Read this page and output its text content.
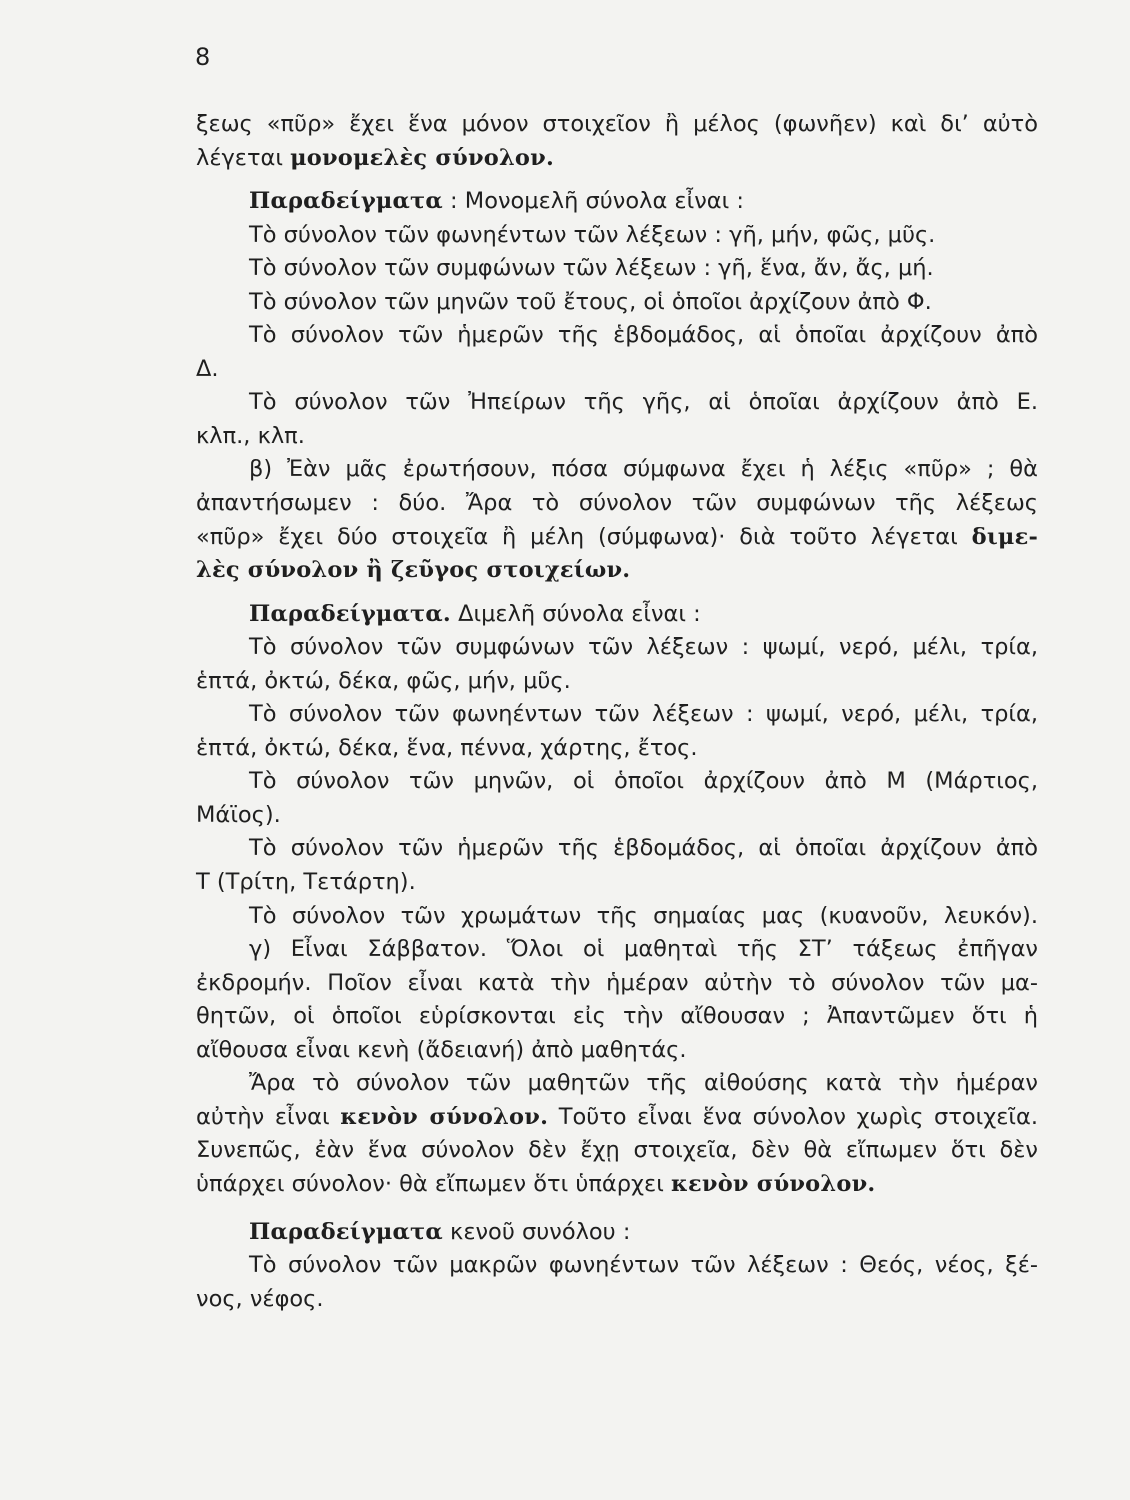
8
ξεως «πῦρ» ἔχει ἕνα μόνον στοιχεῖον ἢ μέλος (φωνῆεν) καὶ δι’ αὐτὸ
λέγεται μονομελὲς σύνολον.
Παραδείγματα : Μονομελῆ σύνολα εἶναι :
Τὸ σύνολον τῶν φωνηέντων τῶν λέξεων : γῆ, μήν, φῶς, μῦς.
Τὸ σύνολον τῶν συμφώνων τῶν λέξεων : γῆ, ἕνα, ἄν, ἄς, μή.
Τὸ σύνολον τῶν μηνῶν τοῦ ἔτους, οἱ ὁποῖοι ἀρχίζουν ἀπὸ Φ.
Τὸ σύνολον τῶν ἡμερῶν τῆς ἑβδομάδος, αἱ ὁποῖαι ἀρχίζουν ἀπὸ
Δ.
Τὸ σύνολον τῶν Ἠπείρων τῆς γῆς, αἱ ὁποῖαι ἀρχίζουν ἀπὸ Ε.
κλπ., κλπ.
β) Ἐὰν μᾶς ἐρωτήσουν, πόσα σύμφωνα ἔχει ἡ λέξις «πῦρ» ; θὰ
ἀπαντήσωμεν : δύο. Ἄρα τὸ σύνολον τῶν συμφώνων τῆς λέξεως
«πῦρ» ἔχει δύο στοιχεῖα ἢ μέλη (σύμφωνα)· διὰ τοῦτο λέγεται διμε-
λὲς σύνολον ἢ ζεῦγος στοιχείων.
Παραδείγματα. Διμελῆ σύνολα εἶναι :
Τὸ σύνολον τῶν συμφώνων τῶν λέξεων : ψωμί, νερό, μέλι, τρία,
ἑπτά, ὀκτώ, δέκα, φῶς, μήν, μῦς.
Τὸ σύνολον τῶν φωνηέντων τῶν λέξεων : ψωμί, νερό, μέλι, τρία,
ἑπτά, ὀκτώ, δέκα, ἕνα, πέννα, χάρτης, ἔτος.
Τὸ σύνολον τῶν μηνῶν, οἱ ὁποῖοι ἀρχίζουν ἀπὸ Μ (Μάρτιος,
Μάϊος).
Τὸ σύνολον τῶν ἡμερῶν τῆς ἑβδομάδος, αἱ ὁποῖαι ἀρχίζουν ἀπὸ
Τ (Τρίτη, Τετάρτη).
Τὸ σύνολον τῶν χρωμάτων τῆς σημαίας μας (κυανοῦν, λευκόν).
γ) Εἶναι Σάββατον. Ὅλοι οἱ μαθηταὶ τῆς ΣΤ’ τάξεως ἐπῆγαν
ἐκδρομήν. Ποῖον εἶναι κατὰ τὴν ἡμέραν αὐτὴν τὸ σύνολον τῶν μα-
θητῶν, οἱ ὁποῖοι εὑρίσκονται εἰς τὴν αἴθουσαν ; Ἀπαντῶμεν ὅτι ἡ
αἴθουσα εἶναι κενὴ (ἄδειανή) ἀπὸ μαθητάς.
Ἄρα τὸ σύνολον τῶν μαθητῶν τῆς αἰθούσης κατὰ τὴν ἡμέραν
αὐτὴν εἶναι κενὸν σύνολον. Τοῦτο εἶναι ἕνα σύνολον χωρὶς στοιχεῖα.
Συνεπῶς, ἐὰν ἕνα σύνολον δὲν ἔχῃ στοιχεῖα, δὲν θὰ εἴπωμεν ὅτι δὲν
ὑπάρχει σύνολον· θὰ εἴπωμεν ὅτι ὑπάρχει κενὸν σύνολον.
Παραδείγματα κενοῦ συνόλου :
Τὸ σύνολον τῶν μακρῶν φωνηέντων τῶν λέξεων : Θεός, νέος, ξέ-
νος, νέφος.
